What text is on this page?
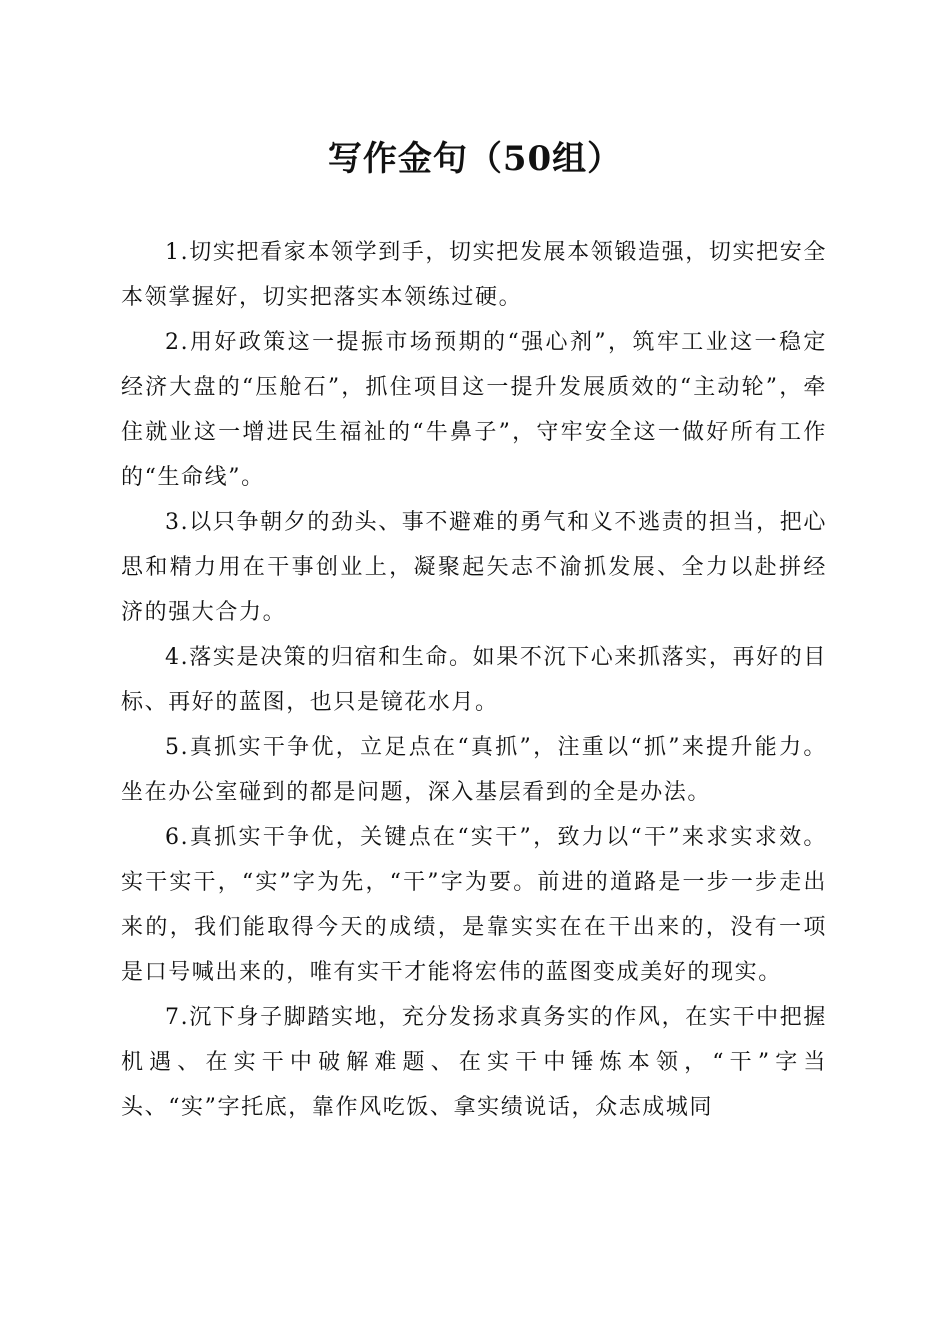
写作金句（50组）

1.切实把看家本领学到手，切实把发展本领锻造强，切实把安全本领掌握好，切实把落实本领练过硬。

2.用好政策这一提振市场预期的“强心剂”，筑牢工业这一稳定经济大盘的“压舱石”，抓住项目这一提升发展质效的“主动轮”，牵住就业这一增进民生福祉的“牛鼻子”，守牢安全这一做好所有工作的“生命线”。

3.以只争朝夕的劲头、事不避难的勇气和义不逃责的担当，把心思和精力用在干事创业上，凝聚起矢志不渝抓发展、全力以赴拼经济的强大合力。

4.落实是决策的归宿和生命。如果不沉下心来抓落实，再好的目标、再好的蓝图，也只是镜花水月。

5.真抓实干争优，立足点在“真抓”，注重以“抓”来提升能力。坐在办公室碰到的都是问题，深入基层看到的全是办法。

6.真抓实干争优，关键点在“实干”，致力以“干”来求实求效。实干实干，“实”字为先，“干”字为要。前进的道路是一步一步走出来的，我们能取得今天的成绩，是靠实实在在干出来的，没有一项是口号喊出来的，唯有实干才能将宏伟的蓝图变成美好的现实。

7.沉下身子脚踏实地，充分发扬求真务实的作风，在实干中把握机遇、在实干中破解难题、在实干中锤炼本领，“干”字当头、“实”字托底，靠作风吃饭、拿实绩说话，众志成城同
